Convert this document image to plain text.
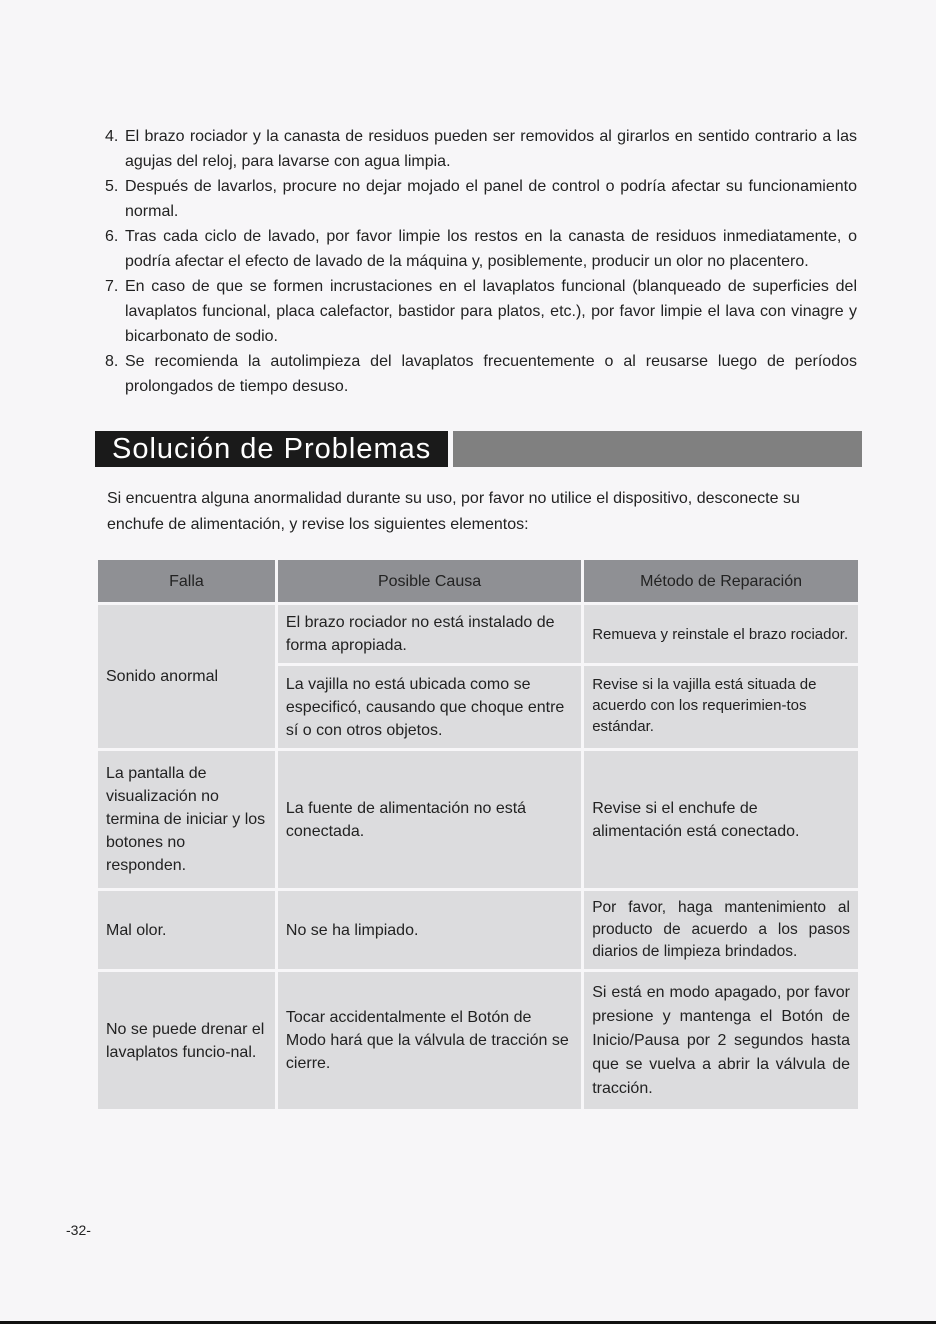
4. El brazo rociador y la canasta de residuos pueden ser removidos al girarlos en sentido contrario a las agujas del reloj, para lavarse con agua limpia.
5. Después de lavarlos, procure no dejar mojado el panel de control o podría afectar su funcionamiento normal.
6. Tras cada ciclo de lavado, por favor limpie los restos en la canasta de residuos inmediatamente, o podría afectar el efecto de lavado de la máquina y, posiblemente, producir un olor no placentero.
7. En caso de que se formen incrustaciones en el lavaplatos funcional (blanqueado de superficies del lavaplatos funcional, placa calefactor, bastidor para platos, etc.), por favor limpie el lava con vinagre y bicarbonato de sodio.
8. Se recomienda la autolimpieza del lavaplatos frecuentemente o al reusarse luego de períodos prolongados de tiempo desuso.
Solución de Problemas
Si encuentra alguna anormalidad durante su uso, por favor no utilice el dispositivo, desconecte su enchufe de alimentación, y revise los siguientes elementos:
Falla	Posible Causa	Método de Reparación
Sonido anormal	El brazo rociador no está instalado de forma apropiada.	Remueva y reinstale el brazo rociador.
	La vajilla no está ubicada como se especificó, causando que choque entre sí o con otros objetos.	Revise si la vajilla está situada de acuerdo con los requerimien-tos estándar.
La pantalla de visualización no termina de iniciar y los botones no responden.	La fuente de alimentación no está conectada.	Revise si el enchufe de alimentación está conectado.
Mal olor.	No se ha limpiado.	Por favor, haga mantenimiento al producto de acuerdo a los pasos diarios de limpieza brindados.
No se puede drenar el lavaplatos funcio-nal.	Tocar accidentalmente el Botón de Modo hará que la válvula de tracción se cierre.	Si está en modo apagado, por favor presione y mantenga el Botón de Inicio/Pausa por 2 segundos hasta que se vuelva a abrir la válvula de tracción.
-32-
